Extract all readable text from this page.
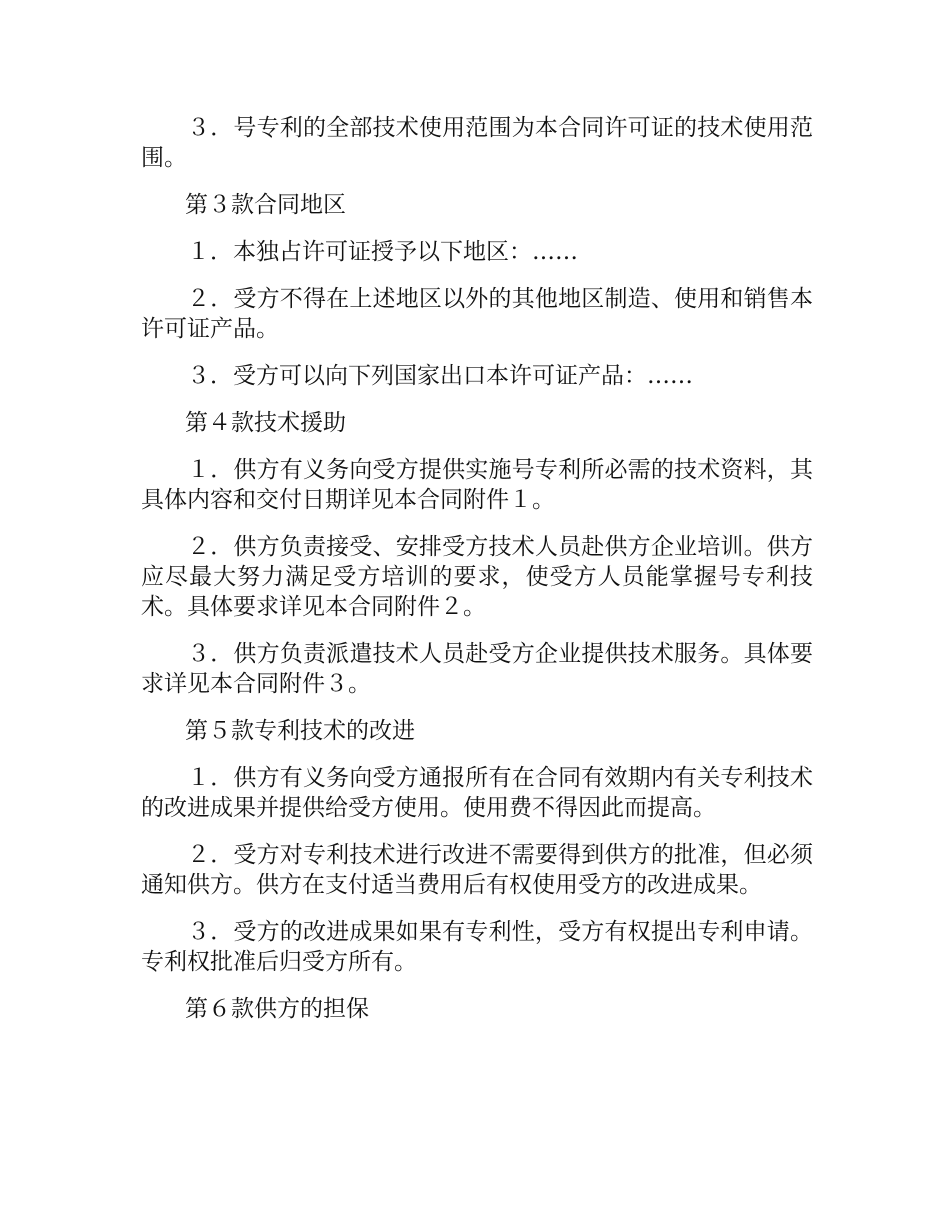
３．号专利的全部技术使用范围为本合同许可证的技术使用范围。

第３款合同地区

１．本独占许可证授予以下地区：……

２．受方不得在上述地区以外的其他地区制造、使用和销售本许可证产品。

３．受方可以向下列国家出口本许可证产品：……

第４款技术援助

１．供方有义务向受方提供实施号专利所必需的技术资料，其具体内容和交付日期详见本合同附件１。

２．供方负责接受、安排受方技术人员赴供方企业培训。供方应尽最大努力满足受方培训的要求，使受方人员能掌握号专利技术。具体要求详见本合同附件２。

３．供方负责派遣技术人员赴受方企业提供技术服务。具体要求详见本合同附件３。

第５款专利技术的改进

１．供方有义务向受方通报所有在合同有效期内有关专利技术的改进成果并提供给受方使用。使用费不得因此而提高。

２．受方对专利技术进行改进不需要得到供方的批准，但必须通知供方。供方在支付适当费用后有权使用受方的改进成果。

３．受方的改进成果如果有专利性，受方有权提出专利申请。专利权批准后归受方所有。

第６款供方的担保
